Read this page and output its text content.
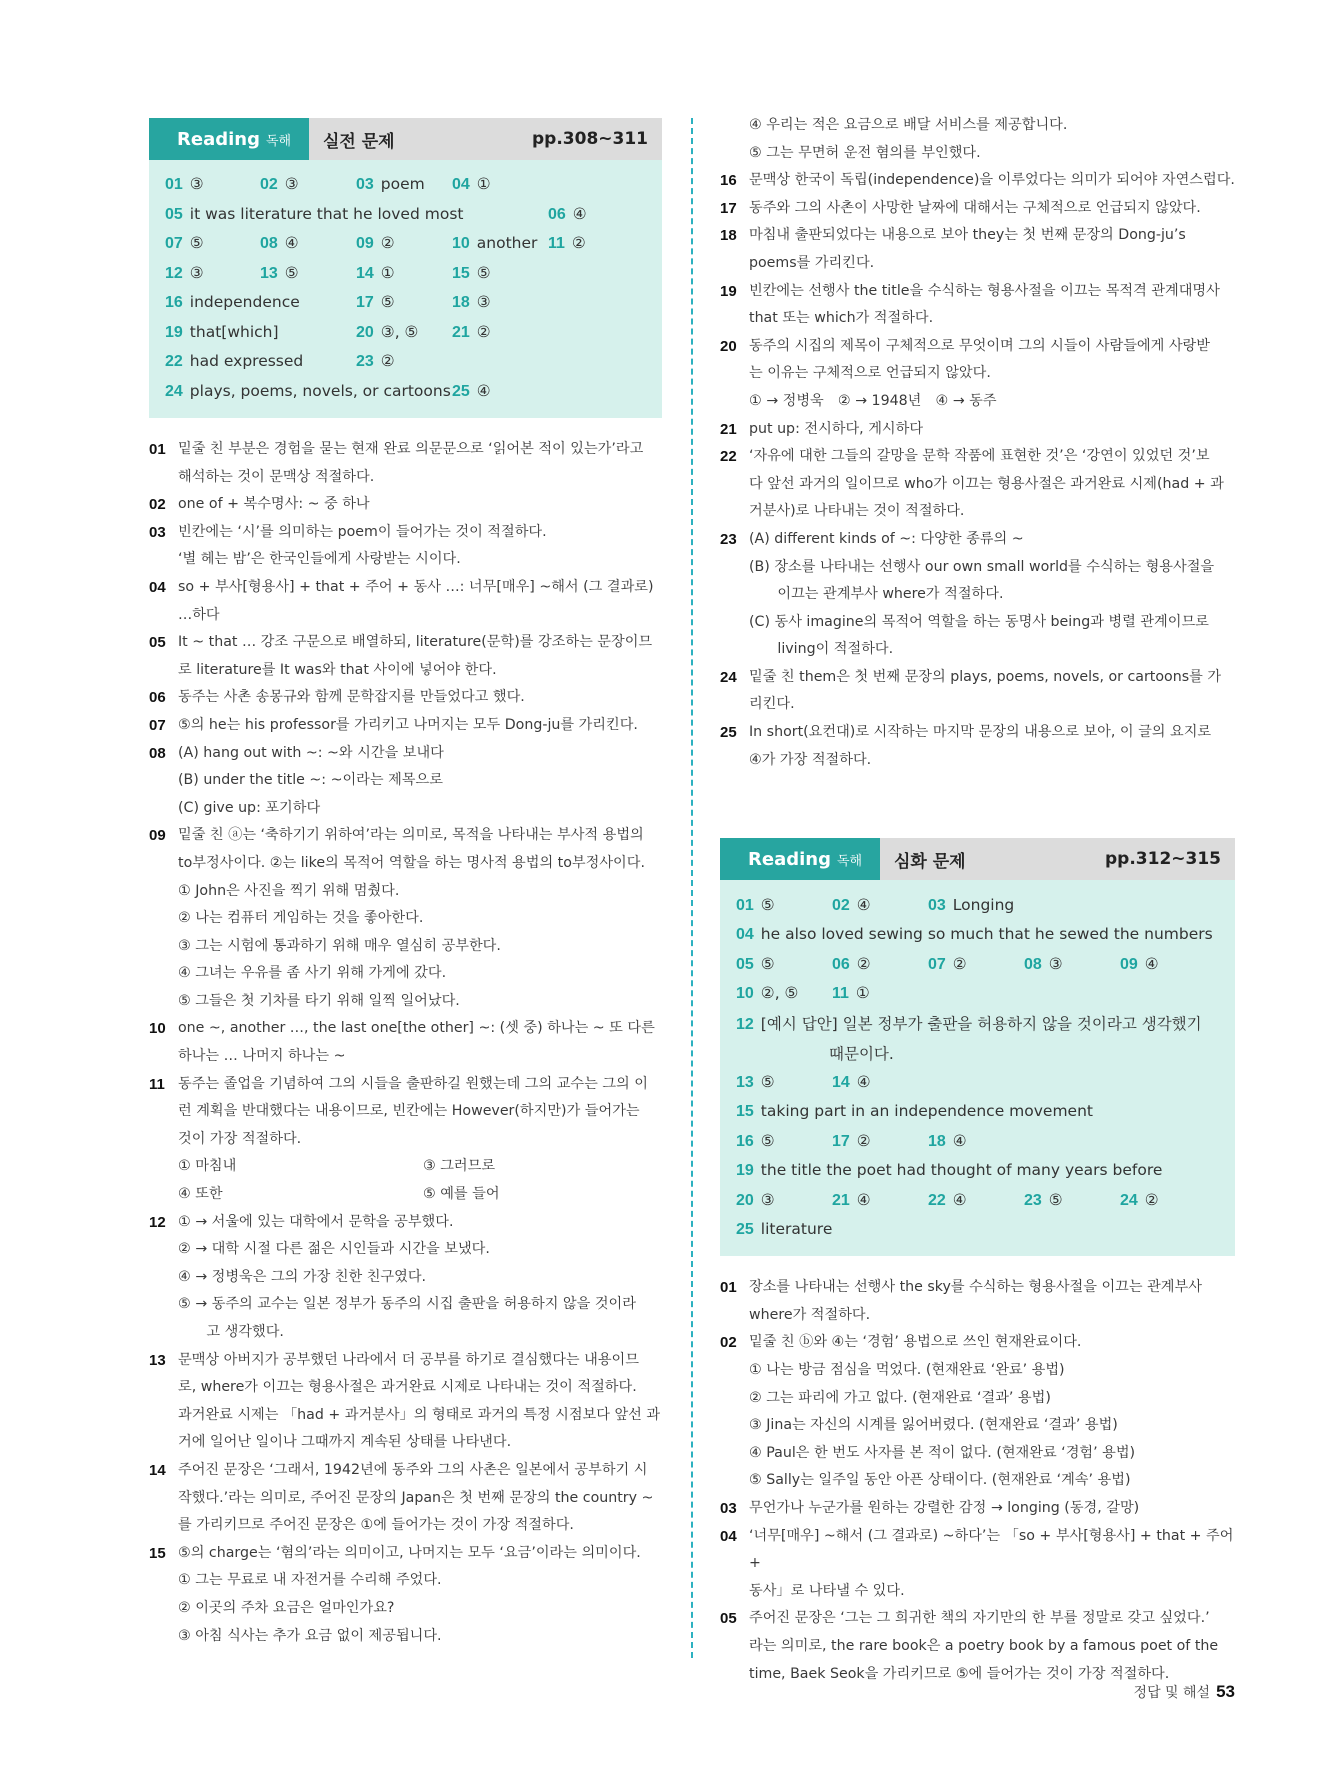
Reading 독해 실전 문제	pp.308~311
01 ③	02 ③	03 poem	04 ①
05 it was literature that he loved most	06 ④
07 ⑤	08 ④	09 ②	10 another 11 ②
12 ③	13 ⑤	14 ①	15 ⑤
16 independence	17 ⑤	18 ③
19 that[which]	20 ③, ⑤	21 ②
22 had expressed	23 ②
24 plays, poems, novels, or cartoons 25 ④
01 밑줄 친 부분은 경험을 묻는 현재 완료 의문문으로 ‘읽어본 적이 있는가’라고
해석하는 것이 문맥상 적절하다.
02 one of + 복수명사: ~ 중 하나
03 빈칸에는 ‘시’를 의미하는 poem이 들어가는 것이 적절하다.
‘별 헤는 밤’은 한국인들에게 사랑받는 시이다.
04 so + 부사[형용사] + that + 주어 + 동사 …: 너무[매우] ~해서 (그 결과로)
…하다
05 It ~ that … 강조 구문으로 배열하되, literature(문학)를 강조하는 문장이므
로 literature를 It was와 that 사이에 넣어야 한다.
06 동주는 사촌 송몽규와 함께 문학잡지를 만들었다고 했다.
07 ⑤의 he는 his professor를 가리키고 나머지는 모두 Dong-ju를 가리킨다.
08 (A) hang out with ~: ~와 시간을 보내다
(B) under the title ~: ~이라는 제목으로
(C) give up: 포기하다
09 밑줄 친 ⓐ는 ‘축하기기 위하여’라는 의미로, 목적을 나타내는 부사적 용법의
to부정사이다. ②는 like의 목적어 역할을 하는 명사적 용법의 to부정사이다.
① John은 사진을 찍기 위해 멈췄다.
② 나는 컴퓨터 게임하는 것을 좋아한다.
③ 그는 시험에 통과하기 위해 매우 열심히 공부한다.
④ 그녀는 우유를 좀 사기 위해 가게에 갔다.
⑤ 그들은 첫 기차를 타기 위해 일찍 일어났다.
10 one ~, another …, the last one[the other] ~: (셋 중) 하나는 ~ 또 다른
하나는 … 나머지 하나는 ~
11 동주는 졸업을 기념하여 그의 시들을 출판하길 원했는데 그의 교수는 그의 이
런 계획을 반대했다는 내용이므로, 빈칸에는 However(하지만)가 들어가는
것이 가장 적절하다.
① 마침내	③ 그러므로
④ 또한	⑤ 예를 들어
12 ① → 서울에 있는 대학에서 문학을 공부했다.
② → 대학 시절 다른 젊은 시인들과 시간을 보냈다.
④ → 정병욱은 그의 가장 친한 친구였다.
⑤ → 동주의 교수는 일본 정부가 동주의 시집 출판을 허용하지 않을 것이라
　　고 생각했다.
13 문맥상 아버지가 공부했던 나라에서 더 공부를 하기로 결심했다는 내용이므
로, where가 이끄는 형용사절은 과거완료 시제로 나타내는 것이 적절하다.
과거완료 시제는 「had + 과거분사」의 형태로 과거의 특정 시점보다 앞선 과
거에 일어난 일이나 그때까지 계속된 상태를 나타낸다.
14 주어진 문장은 ‘그래서, 1942년에 동주와 그의 사촌은 일본에서 공부하기 시
작했다.’라는 의미로, 주어진 문장의 Japan은 첫 번째 문장의 the country ~
를 가리키므로 주어진 문장은 ①에 들어가는 것이 가장 적절하다.
15 ⑤의 charge는 ‘혐의’라는 의미이고, 나머지는 모두 ‘요금’이라는 의미이다.
① 그는 무료로 내 자전거를 수리해 주었다.
② 이곳의 주차 요금은 얼마인가요?
③ 아침 식사는 추가 요금 없이 제공됩니다.
④ 우리는 적은 요금으로 배달 서비스를 제공합니다.
⑤ 그는 무면허 운전 혐의를 부인했다.
16 문맥상 한국이 독립(independence)을 이루었다는 의미가 되어야 자연스럽다.
17 동주와 그의 사촌이 사망한 날짜에 대해서는 구체적으로 언급되지 않았다.
18 마침내 출판되었다는 내용으로 보아 they는 첫 번째 문장의 Dong-ju’s
poems를 가리킨다.
19 빈칸에는 선행사 the title을 수식하는 형용사절을 이끄는 목적격 관계대명사
that 또는 which가 적절하다.
20 동주의 시집의 제목이 구체적으로 무엇이며 그의 시들이 사람들에게 사랑받
는 이유는 구체적으로 언급되지 않았다.
① → 정병욱　② → 1948년　④ → 동주
21 put up: 전시하다, 게시하다
22 ‘자유에 대한 그들의 갈망을 문학 작품에 표현한 것’은 ‘강연이 있었던 것’보
다 앞선 과거의 일이므로 who가 이끄는 형용사절은 과거완료 시제(had + 과
거분사)로 나타내는 것이 적절하다.
23 (A) different kinds of ~: 다양한 종류의 ~
(B) 장소를 나타내는 선행사 our own small world를 수식하는 형용사절을
　　이끄는 관계부사 where가 적절하다.
(C) 동사 imagine의 목적어 역할을 하는 동명사 being과 병렬 관계이므로
　　living이 적절하다.
24 밑줄 친 them은 첫 번째 문장의 plays, poems, novels, or cartoons를 가
리킨다.
25 In short(요컨대)로 시작하는 마지막 문장의 내용으로 보아, 이 글의 요지로
④가 가장 적절하다.
Reading 독해 심화 문제	pp.312~315
01 ⑤	02 ④	03 Longing
04 he also loved sewing so much that he sewed the numbers
05 ⑤	06 ②	07 ②	08 ③	09 ④
10 ②, ⑤	11 ①
12 [예시 답안] 일본 정부가 출판을 허용하지 않을 것이라고 생각했기
　　　　　　때문이다.
13 ⑤	14 ④
15 taking part in an independence movement
16 ⑤	17 ②	18 ④
19 the title the poet had thought of many years before
20 ③	21 ④	22 ④	23 ⑤	24 ②
25 literature
01 장소를 나타내는 선행사 the sky를 수식하는 형용사절을 이끄는 관계부사
where가 적절하다.
02 밑줄 친 ⓑ와 ④는 ‘경험’ 용법으로 쓰인 현재완료이다.
① 나는 방금 점심을 먹었다. (현재완료 ‘완료’ 용법)
② 그는 파리에 가고 없다. (현재완료 ‘결과’ 용법)
③ Jina는 자신의 시계를 잃어버렸다. (현재완료 ‘결과’ 용법)
④ Paul은 한 번도 사자를 본 적이 없다. (현재완료 ‘경험’ 용법)
⑤ Sally는 일주일 동안 아픈 상태이다. (현재완료 ‘계속’ 용법)
03 무언가나 누군가를 원하는 강렬한 감정 → longing (동경, 갈망)
04 ‘너무[매우] ~해서 (그 결과로) ~하다’는 「so + 부사[형용사] + that + 주어 +
동사」로 나타낼 수 있다.
05 주어진 문장은 ‘그는 그 희귀한 책의 자기만의 한 부를 정말로 갖고 싶었다.’
라는 의미로, the rare book은 a poetry book by a famous poet of the
time, Baek Seok을 가리키므로 ⑤에 들어가는 것이 가장 적절하다.
정답 및 해설 53
